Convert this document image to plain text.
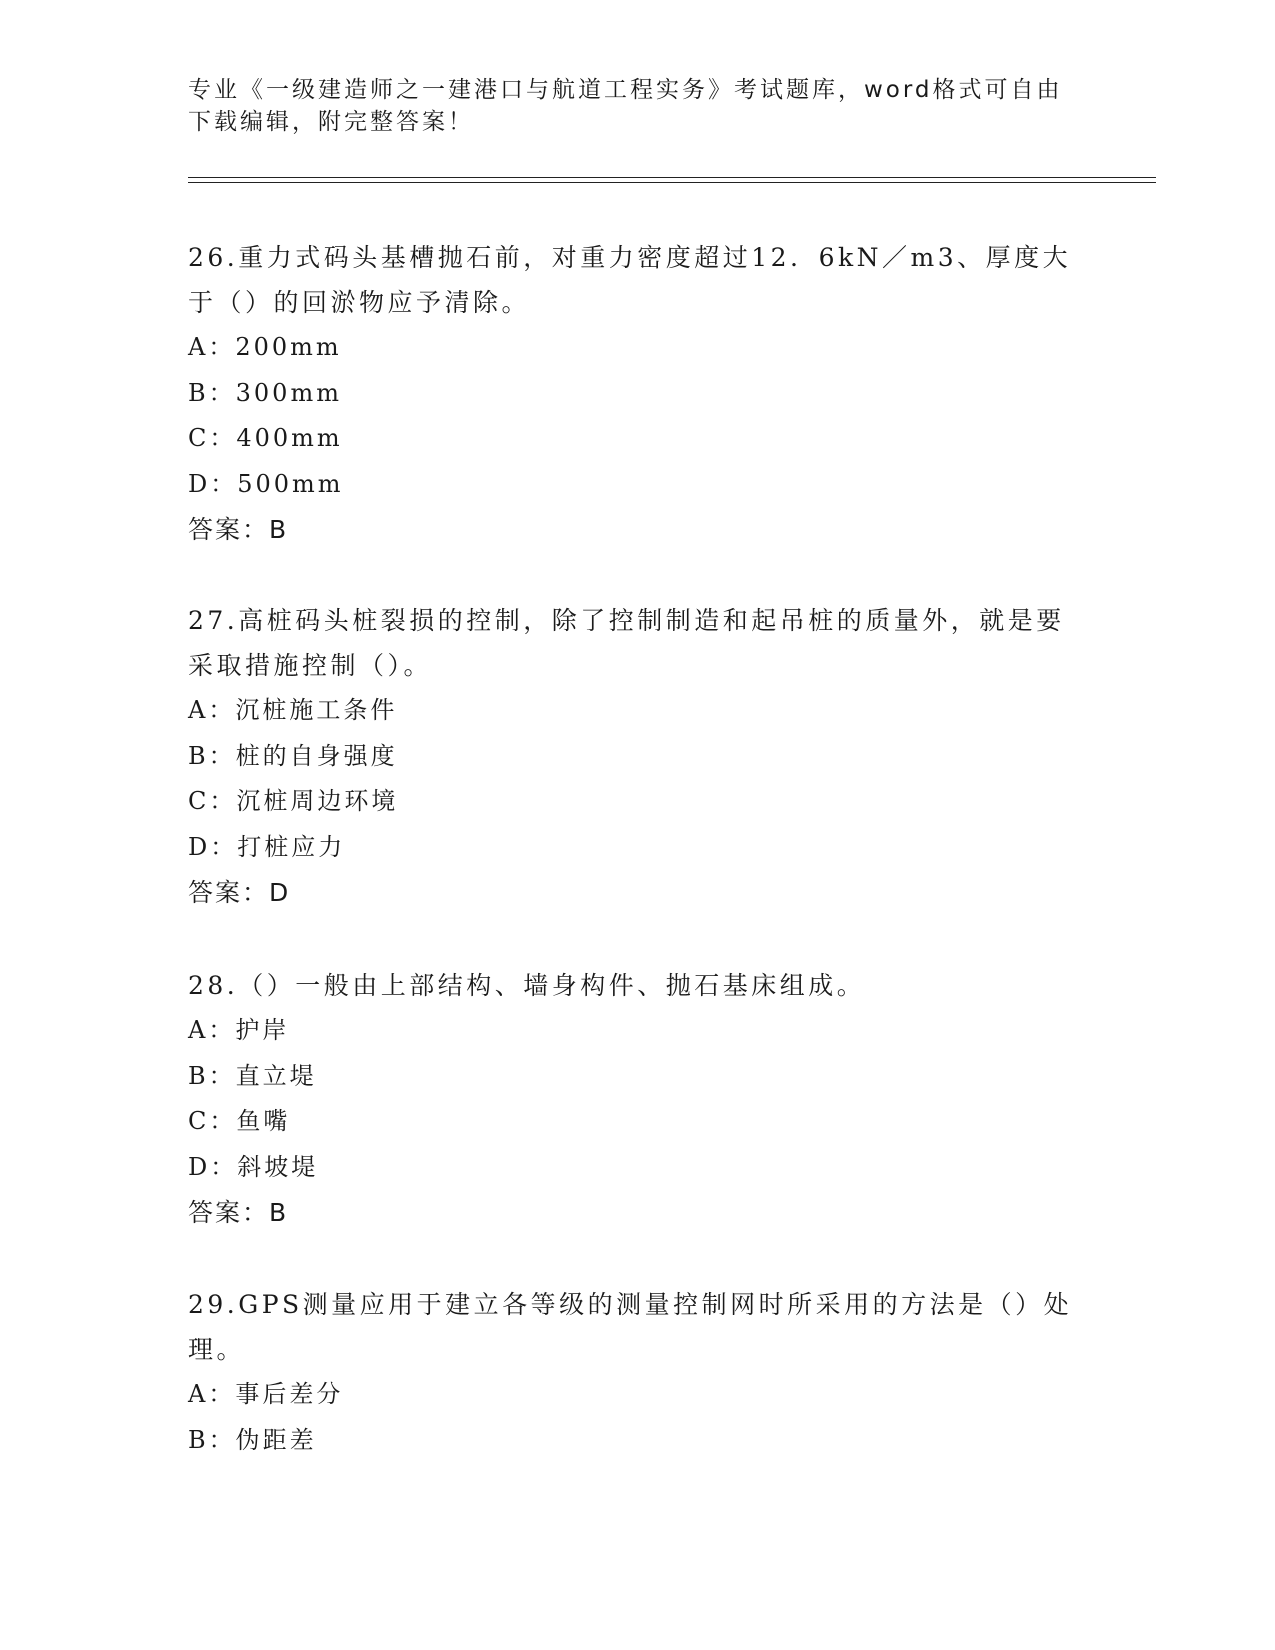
专业《一级建造师之一建港口与航道工程实务》考试题库，word格式可自由下载编辑，附完整答案！

26.重力式码头基槽抛石前，对重力密度超过12．6kN／m3、厚度大于（）的回淤物应予清除。

A：200mm

B：300mm

C：400mm

D：500mm

答案：B

27.高桩码头桩裂损的控制，除了控制制造和起吊桩的质量外，就是要采取措施控制（）。

A：沉桩施工条件

B：桩的自身强度

C：沉桩周边环境

D：打桩应力

答案：D

28.（）一般由上部结构、墙身构件、抛石基床组成。

A：护岸

B：直立堤

C：鱼嘴

D：斜坡堤

答案：B

29.GPS测量应用于建立各等级的测量控制网时所采用的方法是（）处理。

A：事后差分

B：伪距差
